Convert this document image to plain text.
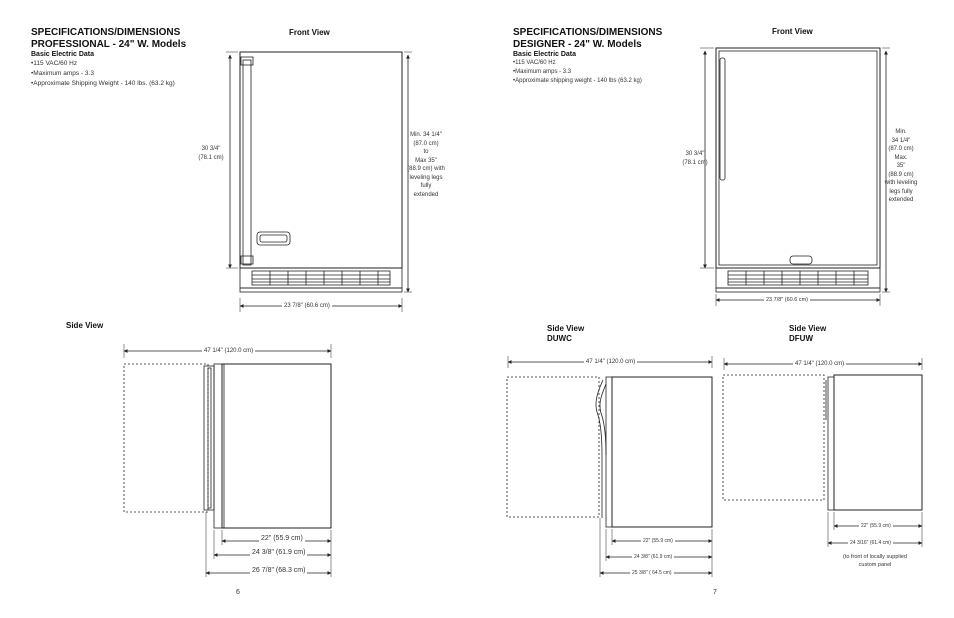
SPECIFICATIONS/DIMENSIONS
PROFESSIONAL - 24" W. Models
Basic Electric Data
•115 VAC/60 Hz
•Maximum amps - 3.3
•Approximate Shipping Weight - 140 lbs. (63.2 kg)
Front View
30 3/4"
(78.1 cm)
Min. 34 1/4"
(87.0 cm)
to
Max 35"
(88.9 cm) with
leveling legs
fully
extended
23 7/8" (60.6 cm)
Side View
47 1/4" (120.0 cm)
22" (55.9 cm)
24 3/8" (61.9 cm)
26 7/8" (68.3 cm)
6
SPECIFICATIONS/DIMENSIONS
DESIGNER - 24" W. Models
Basic Electric Data
•115 VAC/60 Hz
•Maximum amps - 3.3
•Approximate shipping weight - 140 lbs (63.2 kg)
Front View
30 3/4"
(78.1 cm)
Min.
34 1/4"
(87.0 cm)
Max.
35"
(88.9 cm)
with leveling
legs fully
extended
23 7/8" (60.6 cm)
Side View
DUWC
47 1/4" (120.0 cm)
22" (55.9 cm)
24 3/8" (61.9 cm)
25 3/8" ( 64.5 cm)
Side View
DFUW
47 1/4" (120.0 cm)
22" (55.9 cm)
24 3/16" (61.4 cm)
(to front of locally supplied
custom panel
7
